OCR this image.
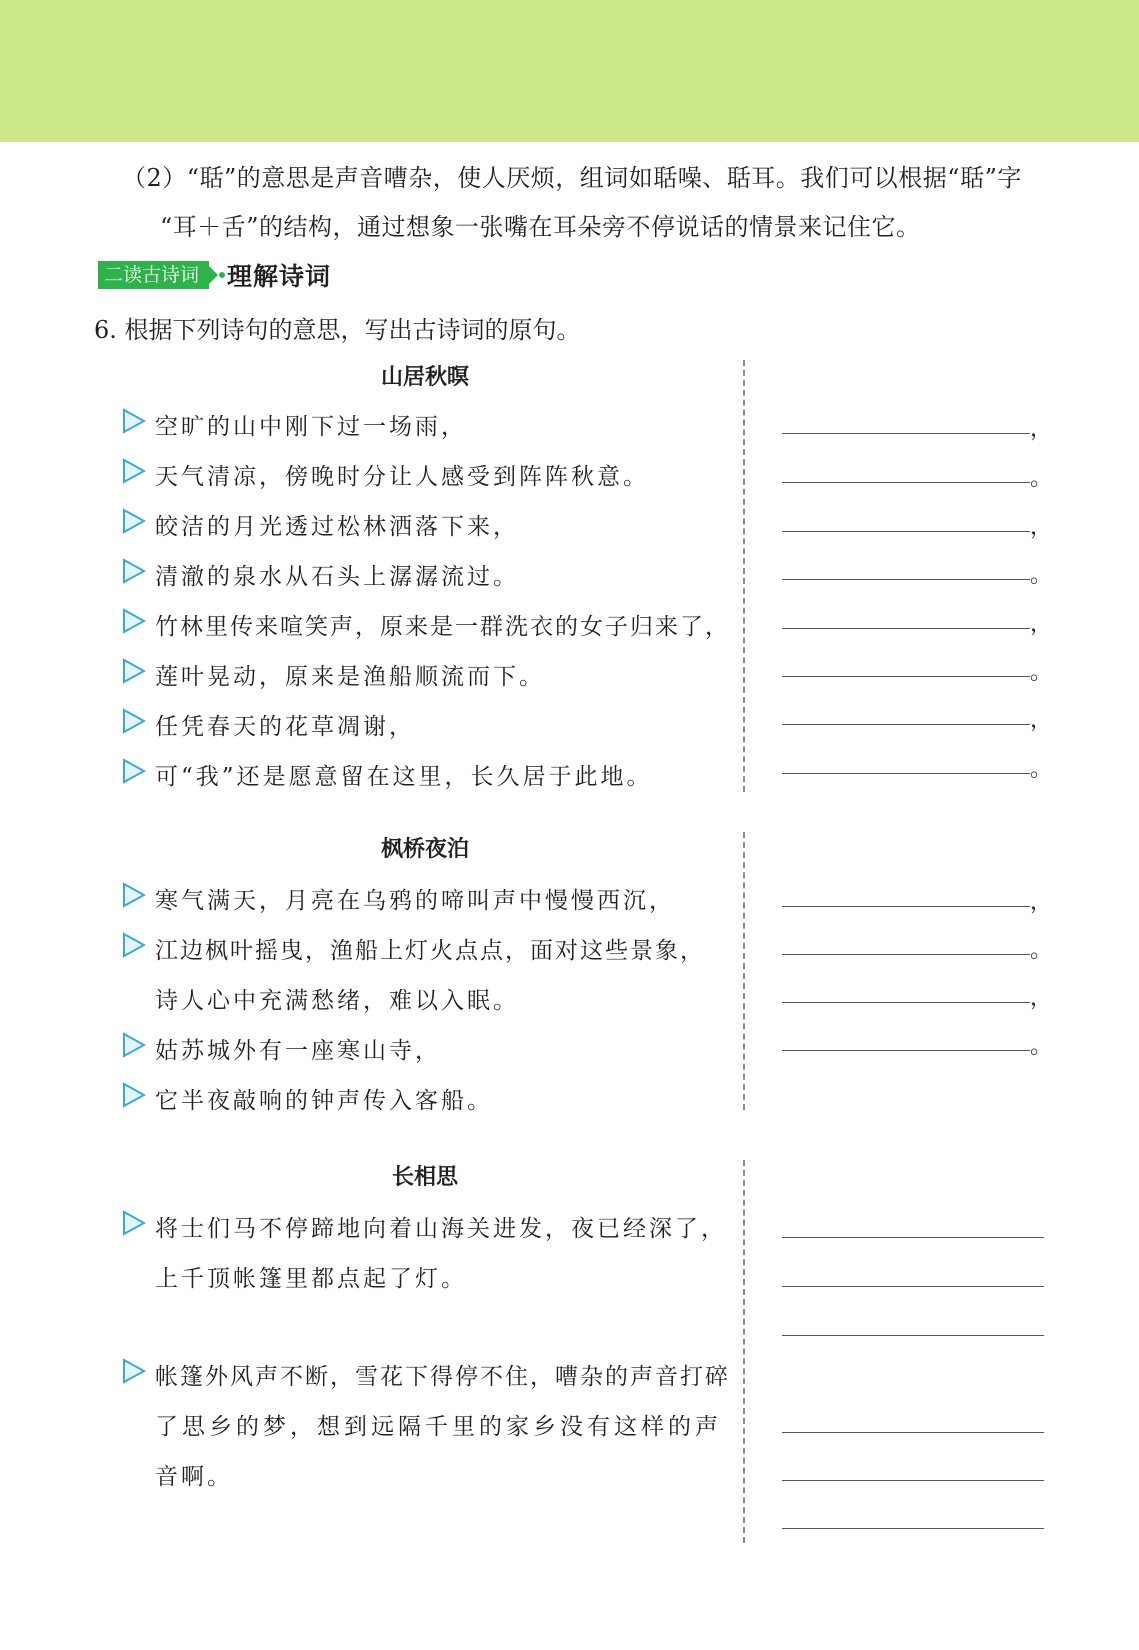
（2）“聒”的意思是声音嘈杂，使人厌烦，组词如聒噪、聒耳。我们可以根据“聒”字
“耳＋舌”的结构，通过想象一张嘴在耳朵旁不停说话的情景来记住它。
二读古诗词	理解诗词
6. 根据下列诗句的意思，写出古诗词的原句。
山居秋暝
空旷的山中刚下过一场雨，
天气清凉，傍晚时分让人感受到阵阵秋意。
皎洁的月光透过松林洒落下来，
清澈的泉水从石头上潺潺流过。
竹林里传来喧笑声，原来是一群洗衣的女子归来了，
莲叶晃动，原来是渔船顺流而下。
任凭春天的花草凋谢，
可“我”还是愿意留在这里，长久居于此地。
，
。
，
。
，
。
，
。
枫桥夜泊
寒气满天，月亮在乌鸦的啼叫声中慢慢西沉，
江边枫叶摇曳，渔船上灯火点点，面对这些景象，
诗人心中充满愁绪，难以入眠。
姑苏城外有一座寒山寺，
它半夜敲响的钟声传入客船。
，
。
，
。
长相思
将士们马不停蹄地向着山海关进发，夜已经深了，
上千顶帐篷里都点起了灯。
帐篷外风声不断，雪花下得停不住，嘈杂的声音打碎
了思乡的梦，想到远隔千里的家乡没有这样的声
音啊。
